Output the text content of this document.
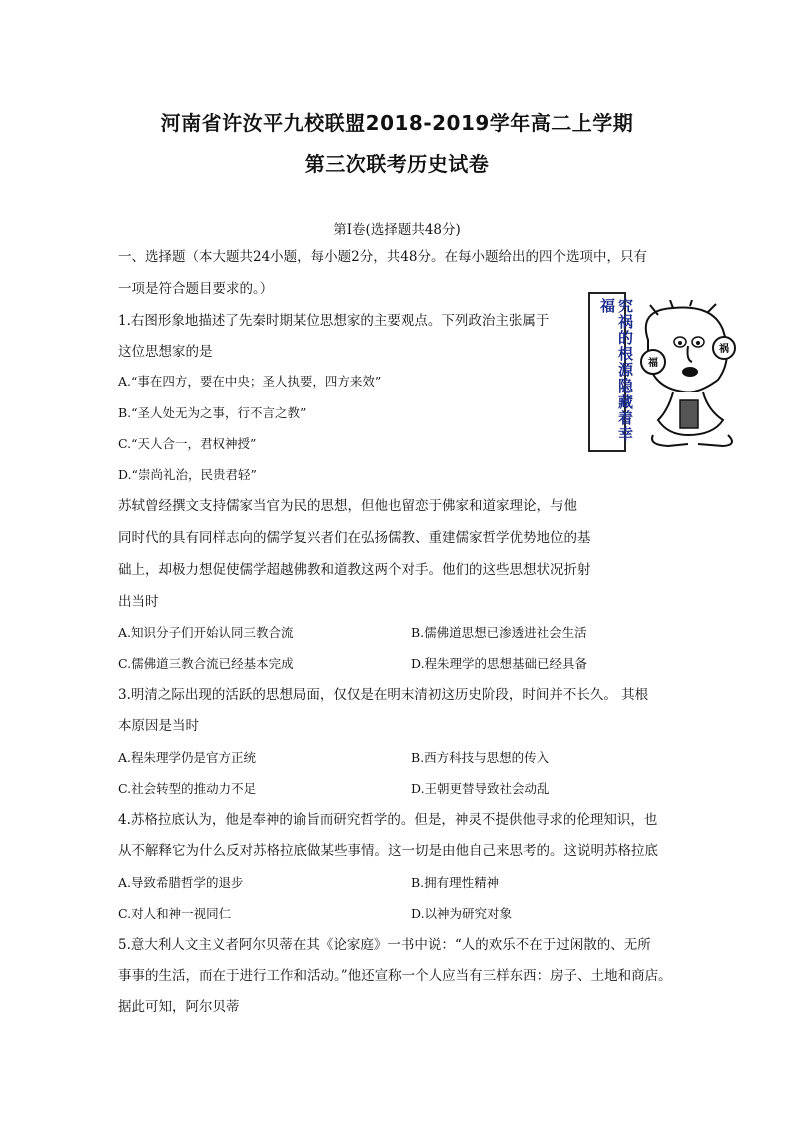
河南省许汝平九校联盟2018-2019学年高二上学期
第三次联考历史试卷
第Ⅰ卷(选择题共48分)
一、选择题（本大题共24小题，每小题2分，共48分。在每小题给出的四个选项中，只有
一项是符合题目要求的。）
1.右图形象地描述了先秦时期某位思想家的主要观点。下列政治主张属于
这位思想家的是
A.“事在四方，要在中央；圣人执要，四方来效”
B.“圣人处无为之事，行不言之教”
C.“天人合一，君权神授”
D.“崇尚礼治，民贵君轻”
究祸的根源隐藏着幸福
福
祸
苏轼曾经撰文支持儒家当官为民的思想，但他也留恋于佛家和道家理论，与他
同时代的具有同样志向的儒学复兴者们在弘扬儒教、重建儒家哲学优势地位的基
础上，却极力想促使儒学超越佛教和道教这两个对手。他们的这些思想状况折射
出当时
A.知识分子们开始认同三教合流	B.儒佛道思想已渗透进社会生活
C.儒佛道三教合流已经基本完成	D.程朱理学的思想基础已经具备
3.明清之际出现的活跃的思想局面，仅仅是在明末清初这历史阶段，时间并不长久。 其根
本原因是当时
A.程朱理学仍是官方正统	B.西方科技与思想的传入
C.社会转型的推动力不足	D.王朝更替导致社会动乱
4.苏格拉底认为，他是奉神的谕旨而研究哲学的。但是，神灵不提供他寻求的伦理知识，也
从不解释它为什么反对苏格拉底做某些事情。这一切是由他自己来思考的。这说明苏格拉底
A.导致希腊哲学的退步	B.拥有理性精神
C.对人和神一视同仁	D.以神为研究对象
5.意大利人文主义者阿尔贝蒂在其《论家庭》一书中说：“人的欢乐不在于过闲散的、无所
事事的生活，而在于进行工作和活动。”他还宣称一个人应当有三样东西：房子、土地和商店。
据此可知，阿尔贝蒂
